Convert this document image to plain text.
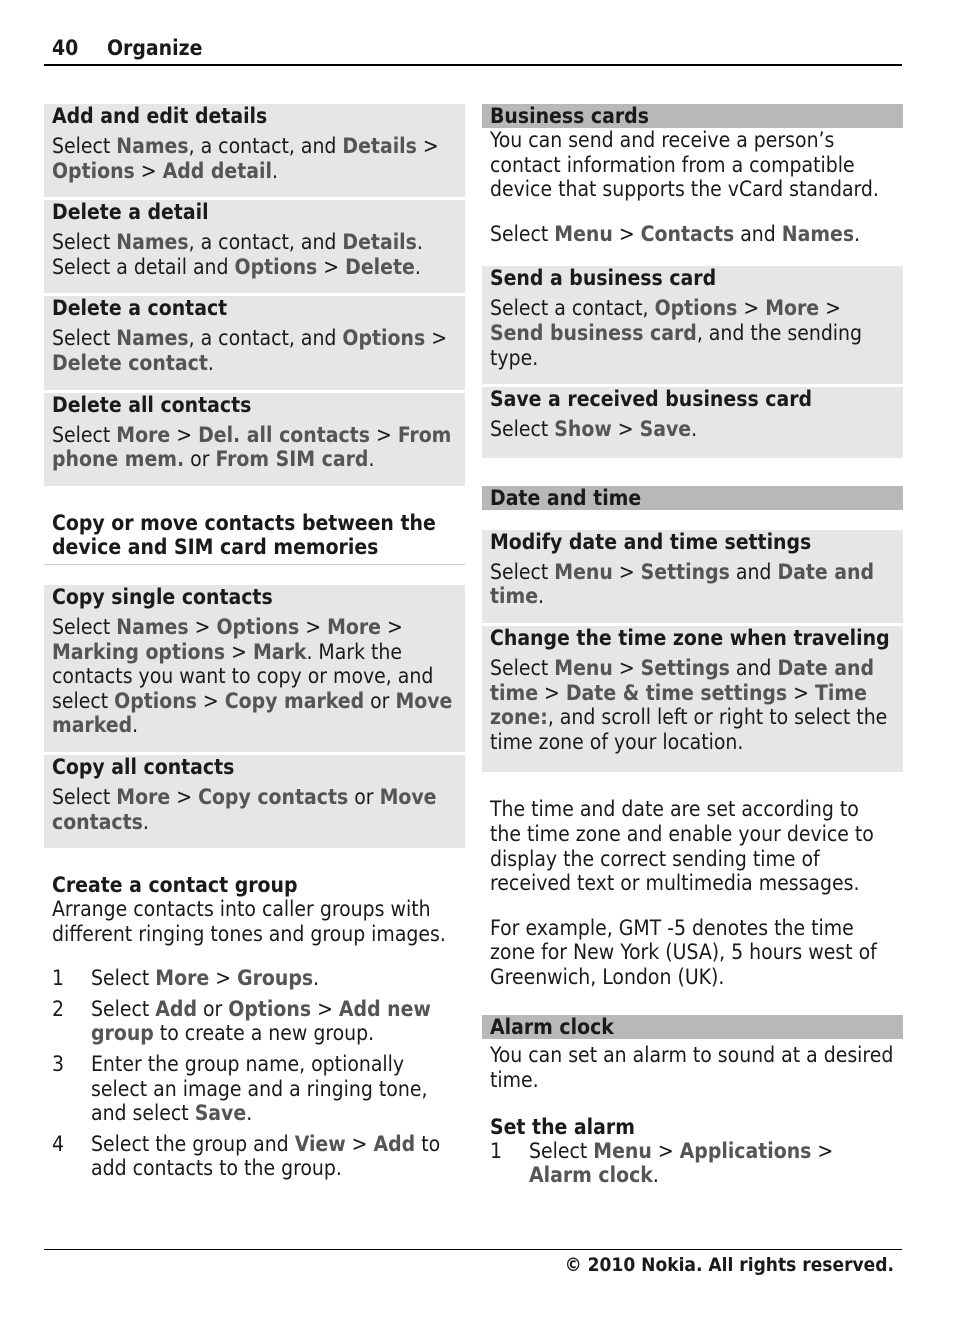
40 Organize
Add and edit details

Select Names, a contact, and Details > Options > Add detail.

Delete a detail

Select Names, a contact, and Details. Select a detail and Options > Delete.

Delete a contact

Select Names, a contact, and Options > Delete contact.

Delete all contacts

Select More > Del. all contacts > From phone mem. or From SIM card.

Copy or move contacts between the device and SIM card memories

Copy single contacts

Select Names > Options > More > Marking options > Mark. Mark the contacts you want to copy or move, and select Options > Copy marked or Move marked.

Copy all contacts

Select More > Copy contacts or Move contacts.

Create a contact group

Arrange contacts into caller groups with different ringing tones and group images.

1	Select More > Groups.
2	Select Add or Options > Add new group to create a new group.
3	Enter the group name, optionally select an image and a ringing tone, and select Save.
4	Select the group and View > Add to add contacts to the group.
Business cards

You can send and receive a person’s contact information from a compatible device that supports the vCard standard.

Select Menu > Contacts and Names.

Send a business card

Select a contact, Options > More > Send business card, and the sending type.

Save a received business card

Select Show > Save.

Date and time
Modify date and time settings

Select Menu > Settings and Date and time.

Change the time zone when traveling

Select Menu > Settings and Date and time > Date & time settings > Time zone:, and scroll left or right to select the time zone of your location.

The time and date are set according to the time zone and enable your device to display the correct sending time of received text or multimedia messages.

For example, GMT -5 denotes the time zone for New York (USA), 5 hours west of Greenwich, London (UK).

Alarm clock

You can set an alarm to sound at a desired time.

Set the alarm
1	Select Menu > Applications > Alarm clock.
© 2010 Nokia. All rights reserved.
